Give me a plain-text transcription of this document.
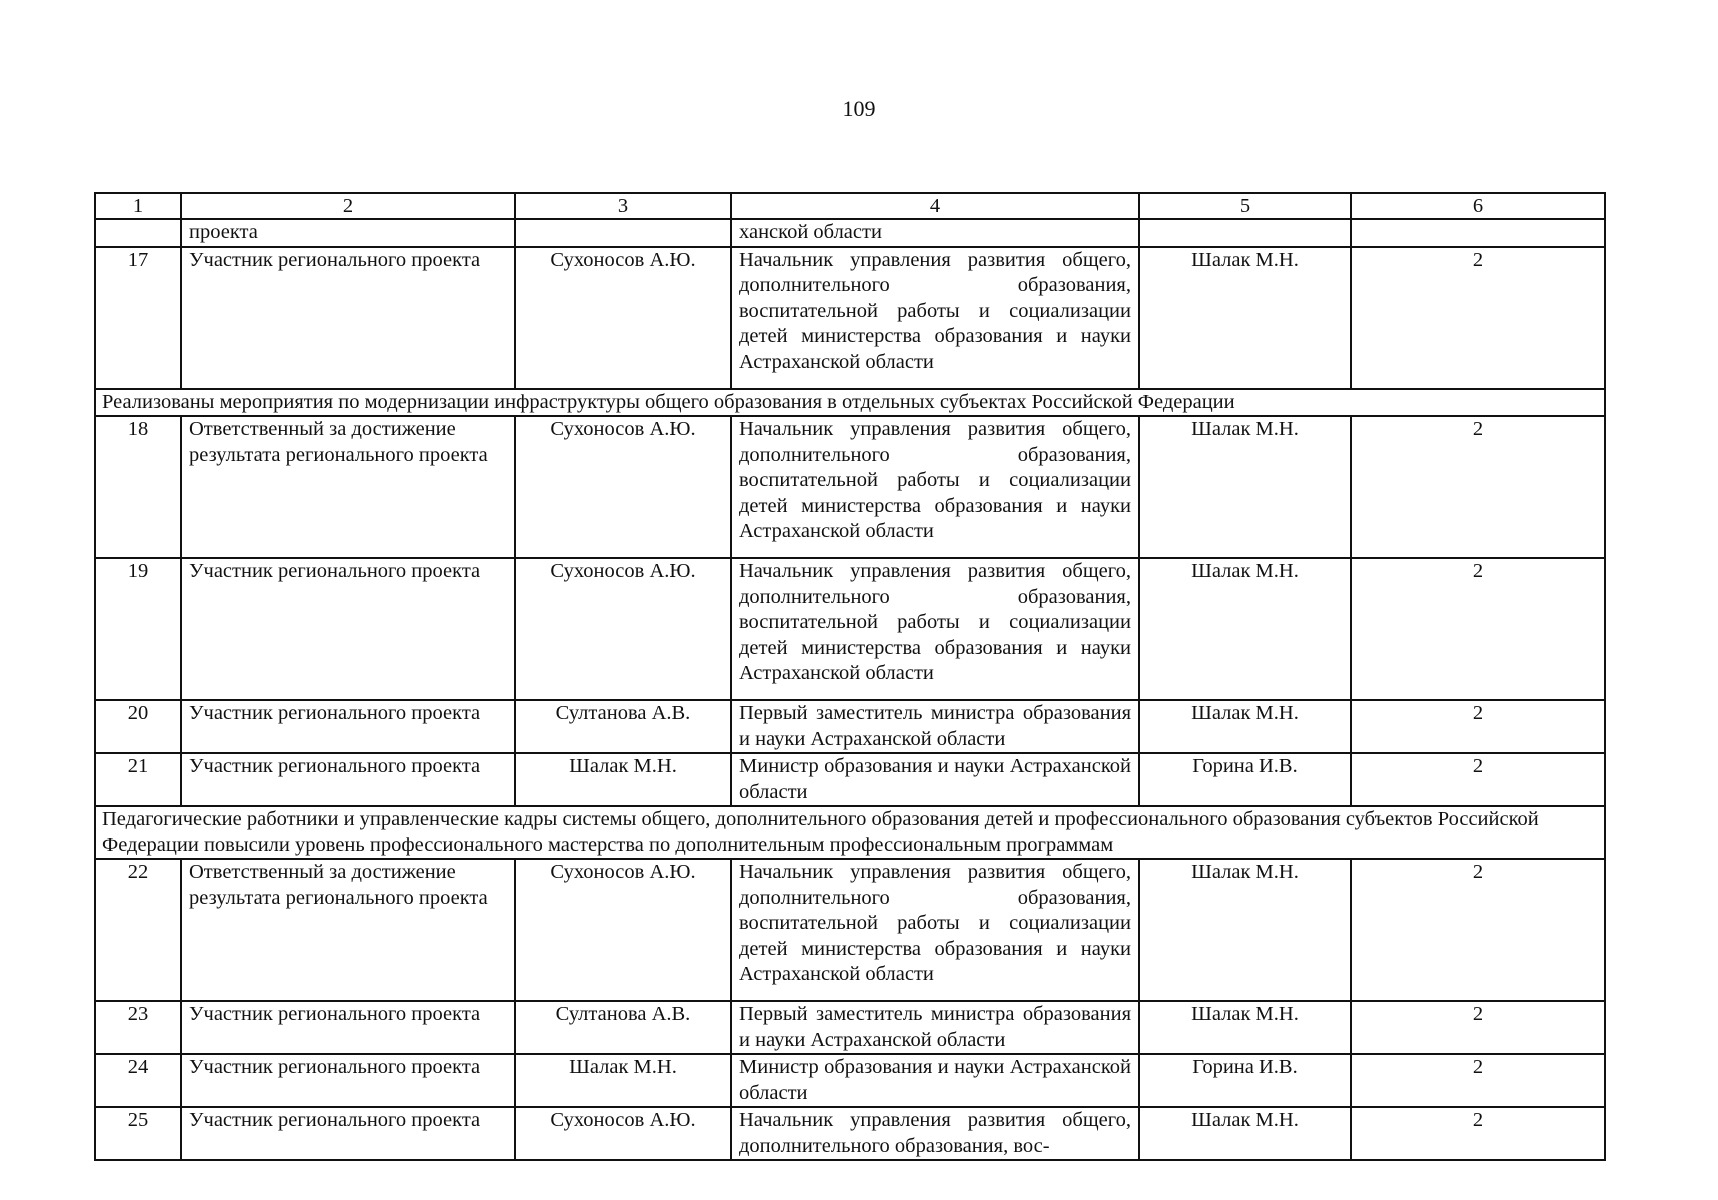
109
1	2	3	4	5	6
	проекта		ханской области		
17	Участник регионального проекта	Сухоносов А.Ю.	Начальник управления развития общего, дополнительного образования, воспитательной работы и социализации детей министерства образования и науки Астраханской области	Шалак М.Н.	2
Реализованы мероприятия по модернизации инфраструктуры общего образования в отдельных субъектах Российской Федерации					
18	Ответственный за достижение результата регионального проекта	Сухоносов А.Ю.	Начальник управления развития общего, дополнительного образования, воспитательной работы и социализации детей министерства образования и науки Астраханской области	Шалак М.Н.	2
19	Участник регионального проекта	Сухоносов А.Ю.	Начальник управления развития общего, дополнительного образования, воспитательной работы и социализации детей министерства образования и науки Астраханской области	Шалак М.Н.	2
20	Участник регионального проекта	Султанова А.В.	Первый заместитель министра образования и науки Астраханской области	Шалак М.Н.	2
21	Участник регионального проекта	Шалак М.Н.	Министр образования и науки Астраханской области	Горина И.В.	2
Педагогические работники и управленческие кадры системы общего, дополнительного образования детей и профессионального образования субъектов Российской Федерации повысили уровень профессионального мастерства по дополнительным профессиональным программам					
22	Ответственный за достижение результата регионального проекта	Сухоносов А.Ю.	Начальник управления развития общего, дополнительного образования, воспитательной работы и социализации детей министерства образования и науки Астраханской области	Шалак М.Н.	2
23	Участник регионального проекта	Султанова А.В.	Первый заместитель министра образования и науки Астраханской области	Шалак М.Н.	2
24	Участник регионального проекта	Шалак М.Н.	Министр образования и науки Астраханской области	Горина И.В.	2
25	Участник регионального проекта	Сухоносов А.Ю.	Начальник управления развития общего, дополнительного образования, вос-	Шалак М.Н.	2
